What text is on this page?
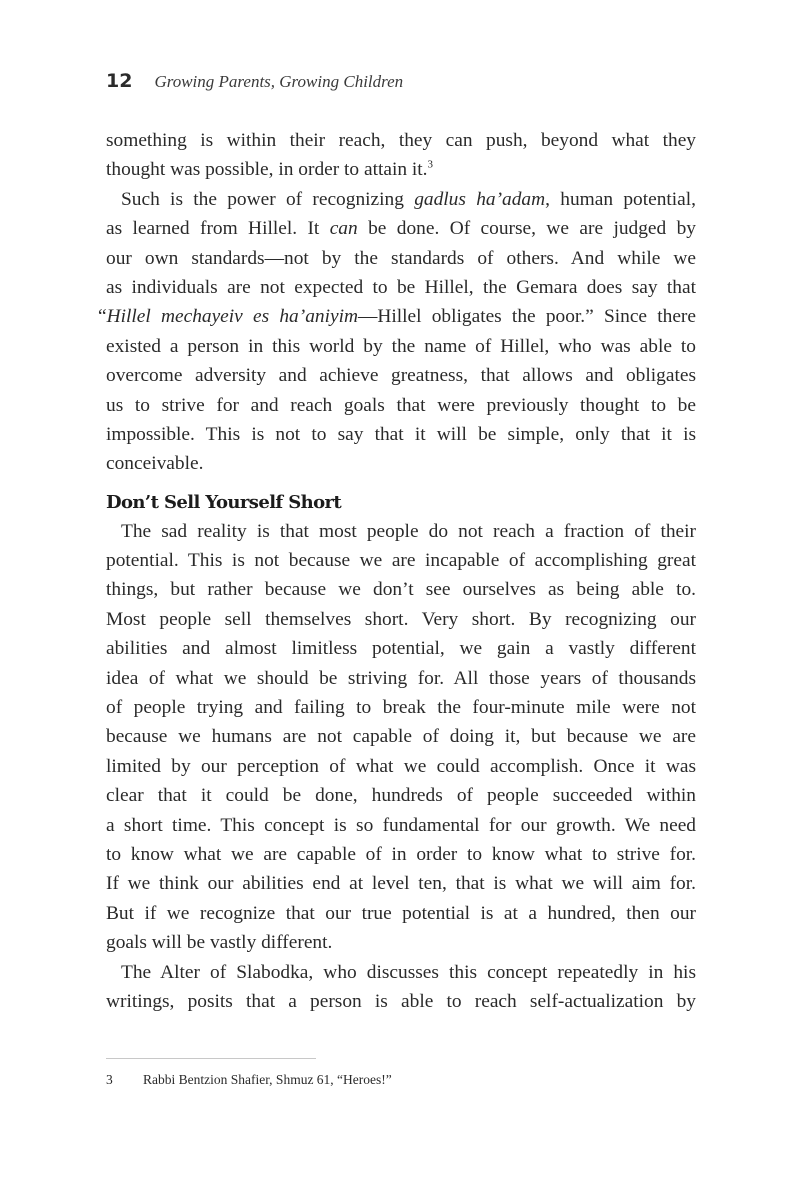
12 Growing Parents, Growing Children
something is within their reach, they can push, beyond what they
thought was possible, in order to attain it.$^3$
Such is the power of recognizing gadlus ha’adam, human potential,
as learned from Hillel. It can be done. Of course, we are judged by
our own standards—not by the standards of others. And while we
as individuals are not expected to be Hillel, the Gemara does say that
“Hillel mechayeiv es ha’aniyim—Hillel obligates the poor.” Since there
existed a person in this world by the name of Hillel, who was able to
overcome adversity and achieve greatness, that allows and obligates
us to strive for and reach goals that were previously thought to be
impossible. This is not to say that it will be simple, only that it is
conceivable.
Don’t Sell Yourself Short
The sad reality is that most people do not reach a fraction of their
potential. This is not because we are incapable of accomplishing great
things, but rather because we don’t see ourselves as being able to.
Most people sell themselves short. Very short. By recognizing our
abilities and almost limitless potential, we gain a vastly different
idea of what we should be striving for. All those years of thousands
of people trying and failing to break the four-minute mile were not
because we humans are not capable of doing it, but because we are
limited by our perception of what we could accomplish. Once it was
clear that it could be done, hundreds of people succeeded within
a short time. This concept is so fundamental for our growth. We need
to know what we are capable of in order to know what to strive for.
If we think our abilities end at level ten, that is what we will aim for.
But if we recognize that our true potential is at a hundred, then our
goals will be vastly different.
The Alter of Slabodka, who discusses this concept repeatedly in his
writings, posits that a person is able to reach self-actualization by
3	Rabbi Bentzion Shafier, Shmuz 61, “Heroes!”
